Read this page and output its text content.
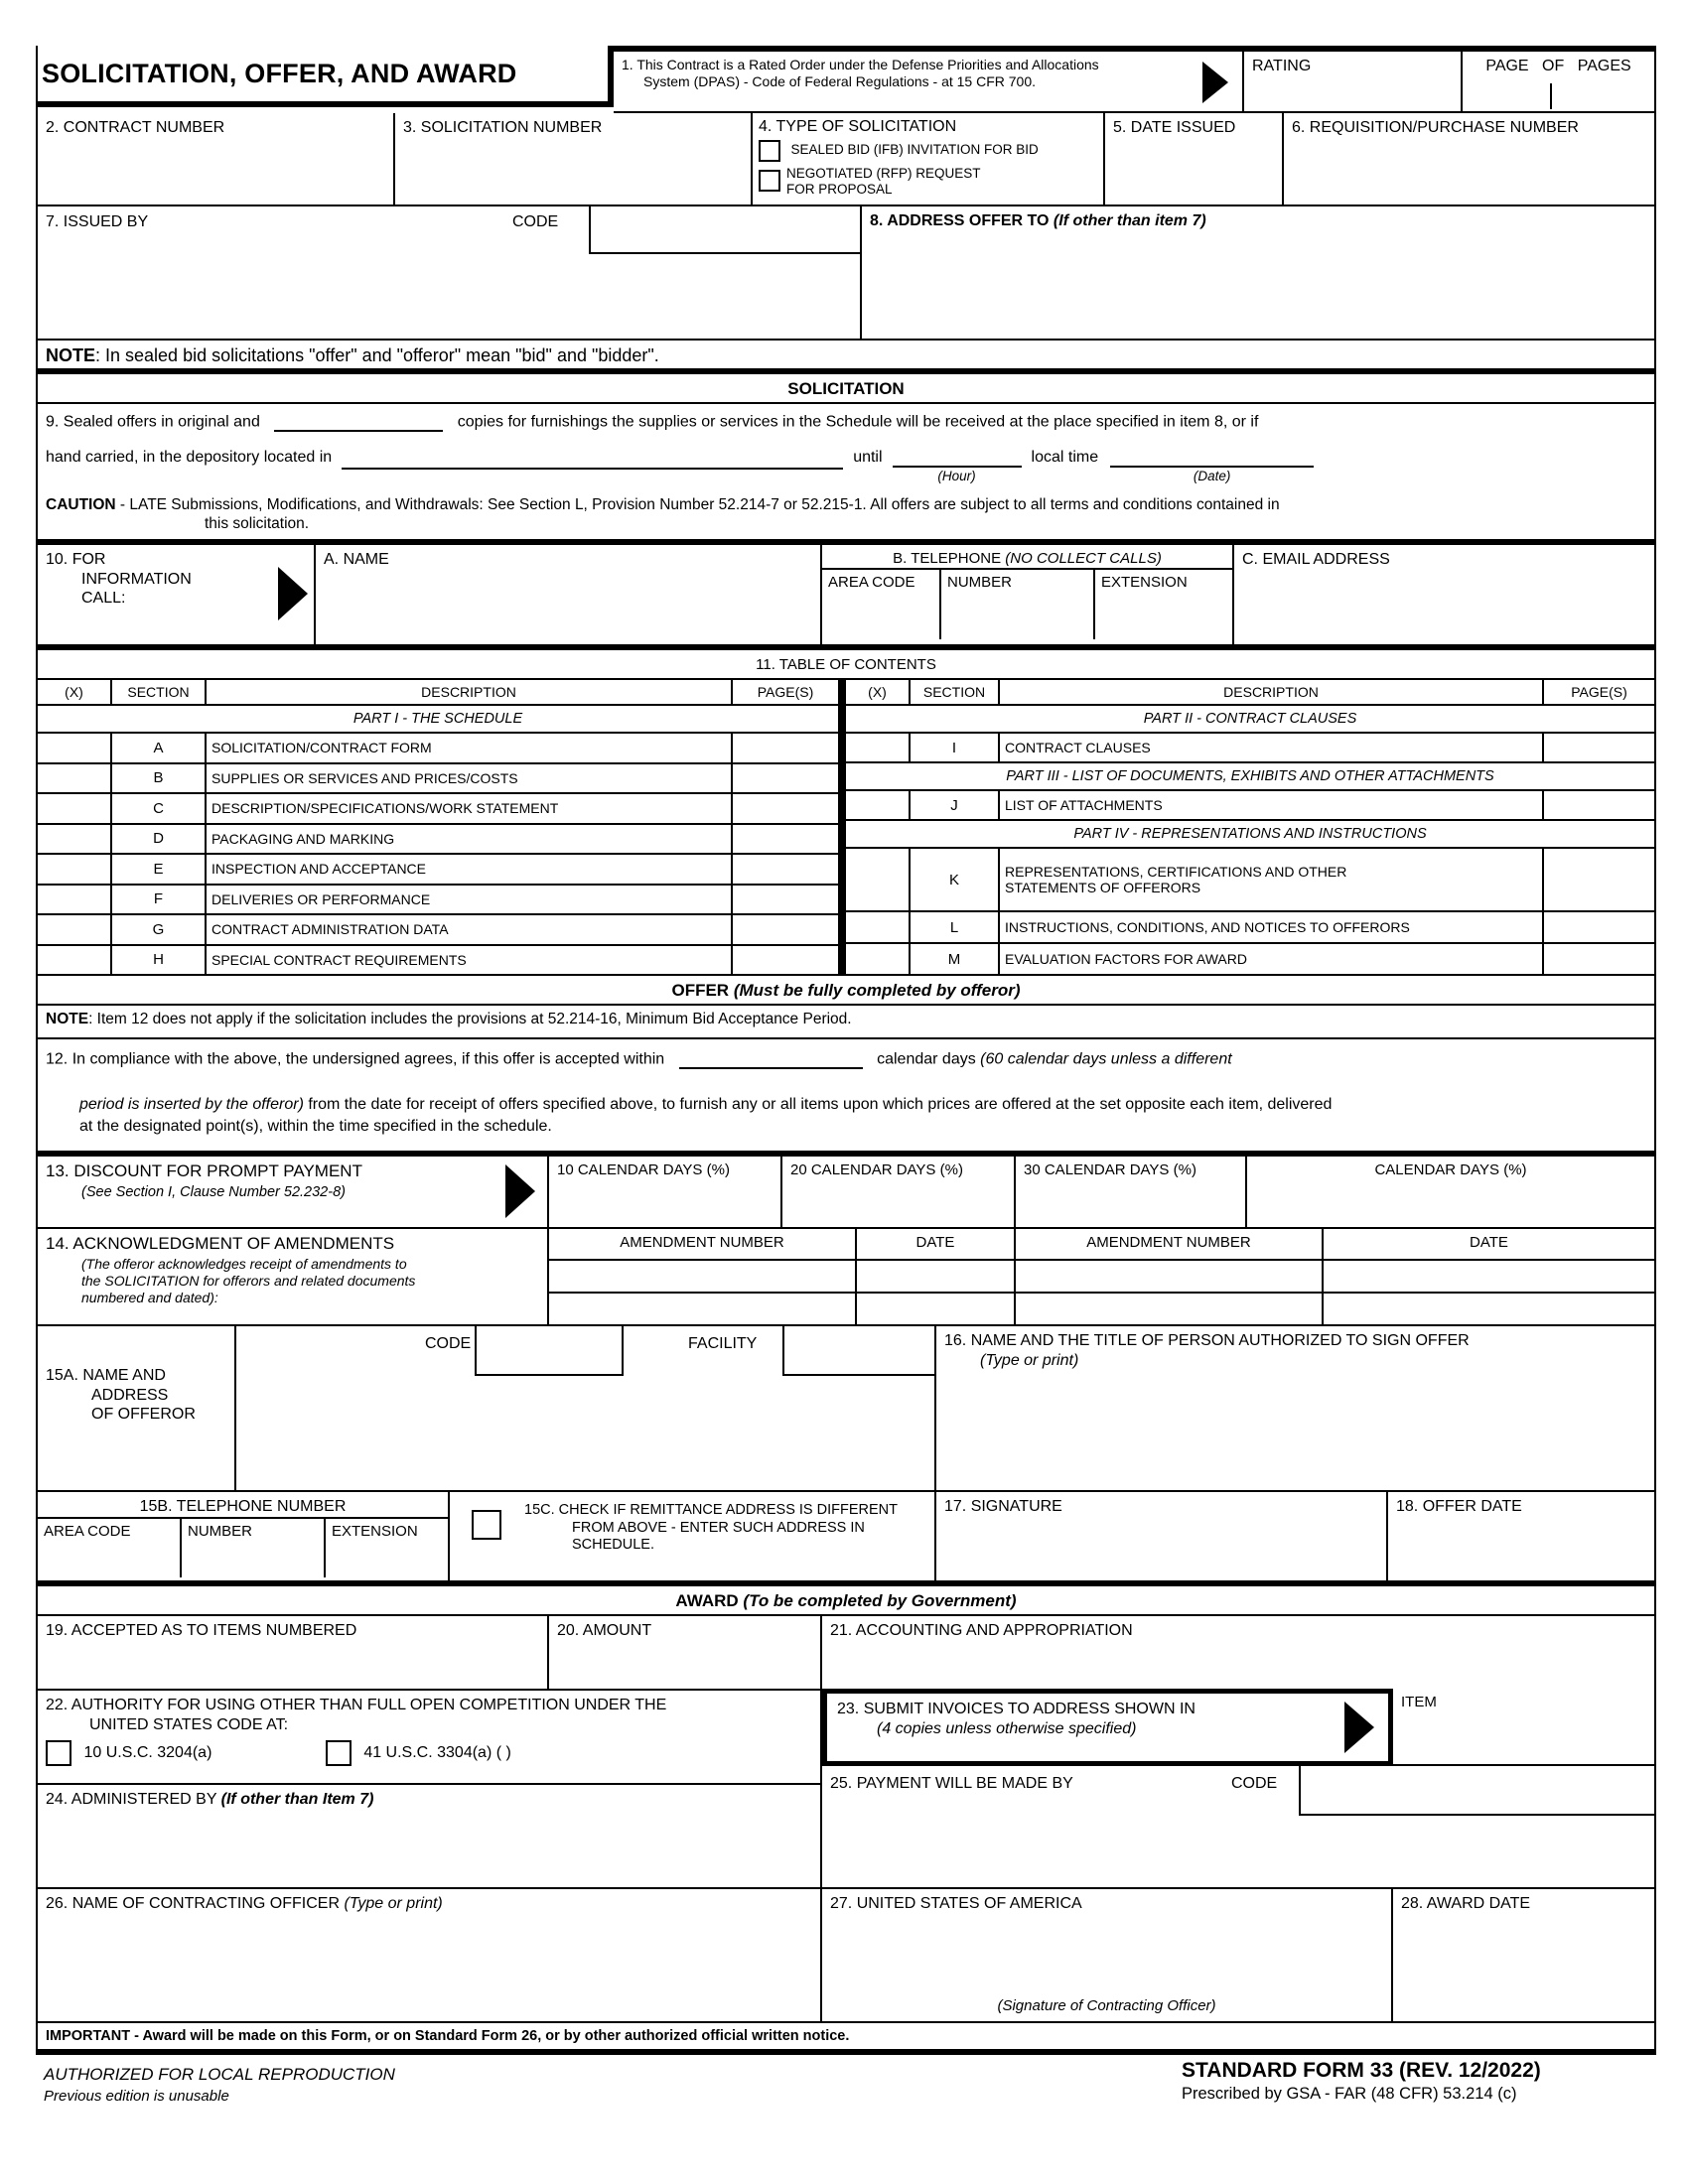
SOLICITATION, OFFER, AND AWARD	1. This Contract is a Rated Order under the Defense Priorities and Allocations
System (DPAS) - Code of Federal Regulations - at 15 CFR 700.
RATING	PAGE OF PAGES
2. CONTRACT NUMBER	3. SOLICITATION NUMBER	4. TYPE OF SOLICITATION
SEALED BID (IFB) INVITATION FOR BID
NEGOTIATED (RFP) REQUEST FOR PROPOSAL
5. DATE ISSUED	6. REQUISITION/PURCHASE NUMBER
7. ISSUED BY	CODE	8. ADDRESS OFFER TO (If other than item 7)
NOTE: In sealed bid solicitations "offer" and "offeror" mean "bid" and "bidder".
SOLICITATION
9. Sealed offers in original and	copies for furnishings the supplies or services in the Schedule will be received at the place specified in item 8, or if
hand carried, in the depository located in	until
(Hour)
local time
(Date)
CAUTION - LATE Submissions, Modifications, and Withdrawals: See Section L, Provision Number 52.214-7 or 52.215-1. All offers are subject to all terms and conditions contained in
this solicitation.
10. FOR
INFORMATION
CALL:
A. NAME	B. TELEPHONE (NO COLLECT CALLS)
AREA CODE	NUMBER	EXTENSION
C. EMAIL ADDRESS
11. TABLE OF CONTENTS
(X)	SECTION	DESCRIPTION	PAGE(S)
PART I - THE SCHEDULE
A	SOLICITATION/CONTRACT FORM
B	SUPPLIES OR SERVICES AND PRICES/COSTS
C	DESCRIPTION/SPECIFICATIONS/WORK STATEMENT
D	PACKAGING AND MARKING
E	INSPECTION AND ACCEPTANCE
F	DELIVERIES OR PERFORMANCE
G	CONTRACT ADMINISTRATION DATA
H	SPECIAL CONTRACT REQUIREMENTS
(X)	SECTION	DESCRIPTION	PAGE(S)
PART II - CONTRACT CLAUSES
I	CONTRACT CLAUSES
PART III - LIST OF DOCUMENTS, EXHIBITS AND OTHER ATTACHMENTS
J	LIST OF ATTACHMENTS
PART IV - REPRESENTATIONS AND INSTRUCTIONS
K	REPRESENTATIONS, CERTIFICATIONS AND OTHER
STATEMENTS OF OFFERORS
L	INSTRUCTIONS, CONDITIONS, AND NOTICES TO OFFERORS
M	EVALUATION FACTORS FOR AWARD
OFFER (Must be fully completed by offeror)
NOTE: Item 12 does not apply if the solicitation includes the provisions at 52.214-16, Minimum Bid Acceptance Period.
12. In compliance with the above, the undersigned agrees, if this offer is accepted within	calendar days (60 calendar days unless a different
period is inserted by the offeror) from the date for receipt of offers specified above, to furnish any or all items upon which prices are offered at the set opposite each item, delivered
at the designated point(s), within the time specified in the schedule.
13. DISCOUNT FOR PROMPT PAYMENT
(See Section I, Clause Number 52.232-8)
10 CALENDAR DAYS (%)	20 CALENDAR DAYS (%)	30 CALENDAR DAYS (%)	CALENDAR DAYS (%)
14. ACKNOWLEDGMENT OF AMENDMENTS
(The offeror acknowledges receipt of amendments to the SOLICITATION for offerors and related documents numbered and dated):
AMENDMENT NUMBER	DATE	AMENDMENT NUMBER	DATE
15A. NAME AND
ADDRESS
OF OFFEROR
CODE	FACILITY	16. NAME AND THE TITLE OF PERSON AUTHORIZED TO SIGN OFFER
(Type or print)
15B. TELEPHONE NUMBER
AREA CODE	NUMBER	EXTENSION
15C. CHECK IF REMITTANCE ADDRESS IS DIFFERENT FROM ABOVE - ENTER SUCH ADDRESS IN SCHEDULE.
17. SIGNATURE	18. OFFER DATE
AWARD (To be completed by Government)
19. ACCEPTED AS TO ITEMS NUMBERED	20. AMOUNT	21. ACCOUNTING AND APPROPRIATION
22. AUTHORITY FOR USING OTHER THAN FULL OPEN COMPETITION UNDER THE
UNITED STATES CODE AT:
10 U.S.C. 3204(a)	41 U.S.C. 3304(a) ( )
23. SUBMIT INVOICES TO ADDRESS SHOWN IN
(4 copies unless otherwise specified)
ITEM
25. PAYMENT WILL BE MADE BY	CODE
24. ADMINISTERED BY (If other than Item 7)
26. NAME OF CONTRACTING OFFICER (Type or print)	27. UNITED STATES OF AMERICA
(Signature of Contracting Officer)
28. AWARD DATE
IMPORTANT - Award will be made on this Form, or on Standard Form 26, or by other authorized official written notice.
AUTHORIZED FOR LOCAL REPRODUCTION
Previous edition is unusable
STANDARD FORM 33 (REV. 12/2022)
Prescribed by GSA - FAR (48 CFR) 53.214 (c)
